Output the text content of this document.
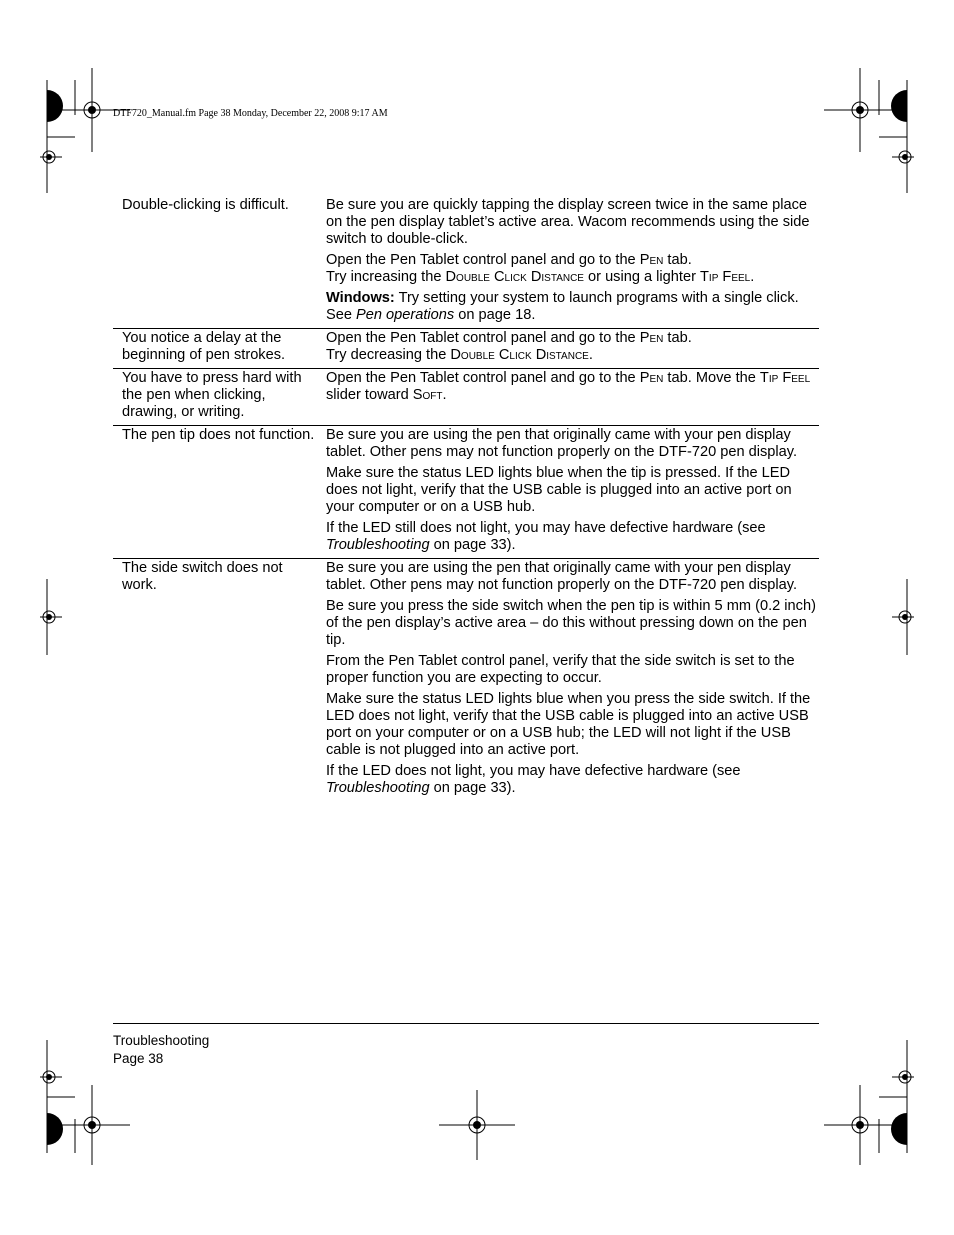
DTF720_Manual.fm Page 38 Monday, December 22, 2008 9:17 AM
Double-clicking is difficult.	Be sure you are quickly tapping the display screen twice in the same place on the pen display tablet’s active area. Wacom recommends using the side switch to double-click.
Open the Pen Tablet control panel and go to the Pen tab.
Try increasing the Double Click Distance or using a lighter Tip Feel.
Windows: Try setting your system to launch programs with a single click. See Pen operations on page 18.
You notice a delay at the beginning of pen strokes.
Open the Pen Tablet control panel and go to the Pen tab.
Try decreasing the Double Click Distance.
You have to press hard with the pen when clicking, drawing, or writing.
Open the Pen Tablet control panel and go to the Pen tab. Move the Tip Feel slider toward Soft.
The pen tip does not function. Be sure you are using the pen that originally came with your pen display tablet. Other pens may not function properly on the DTF-720 pen display.
Make sure the status LED lights blue when the tip is pressed. If the LED does not light, verify that the USB cable is plugged into an active port on your computer or on a USB hub.
If the LED still does not light, you may have defective hardware (see Troubleshooting on page 33).
The side switch does not work.
Be sure you are using the pen that originally came with your pen display tablet. Other pens may not function properly on the DTF-720 pen display.
Be sure you press the side switch when the pen tip is within 5 mm (0.2 inch) of the pen display’s active area – do this without pressing down on the pen tip.
From the Pen Tablet control panel, verify that the side switch is set to the proper function you are expecting to occur.
Make sure the status LED lights blue when you press the side switch. If the LED does not light, verify that the USB cable is plugged into an active USB port on your computer or on a USB hub; the LED will not light if the USB cable is not plugged into an active port.
If the LED does not light, you may have defective hardware (see Troubleshooting on page 33).
Troubleshooting
Page 38
